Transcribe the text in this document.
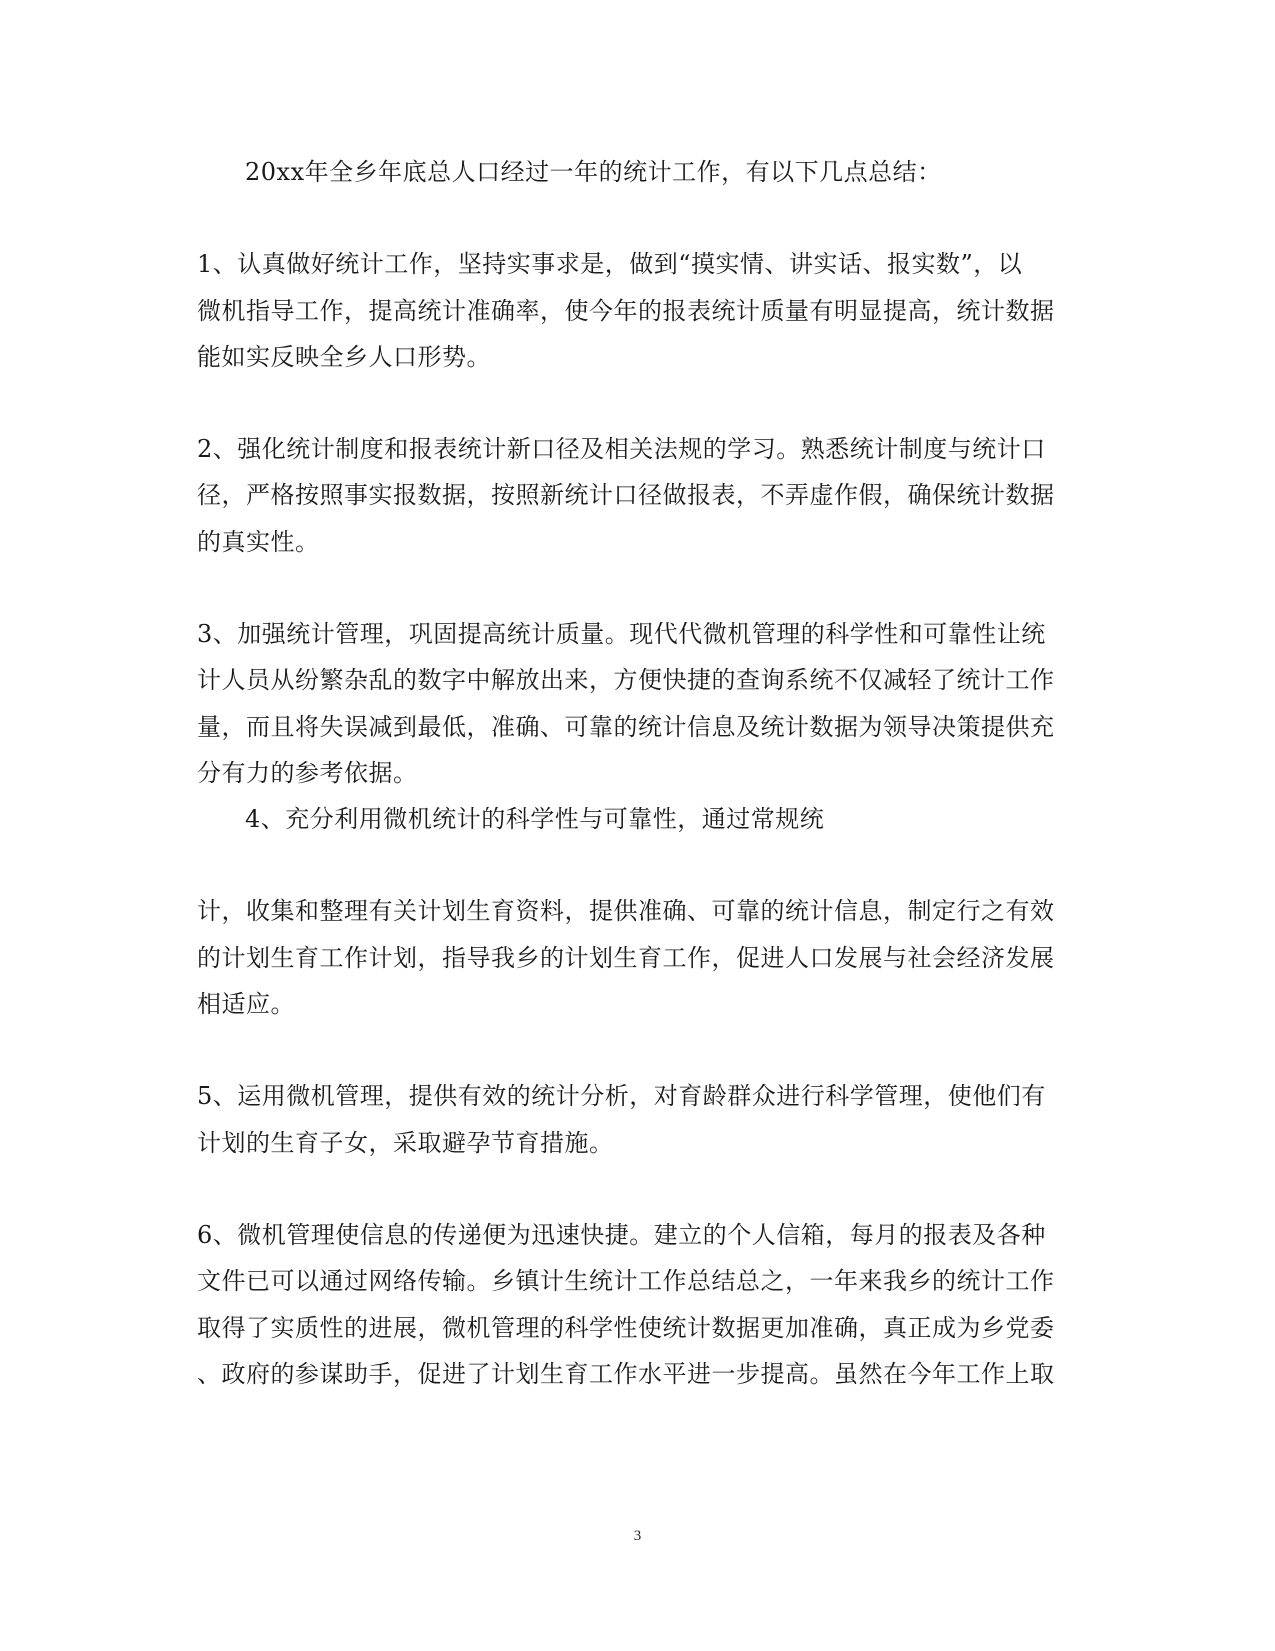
20xx年全乡年底总人口经过一年的统计工作，有以下几点总结：
1、认真做好统计工作，坚持实事求是，做到“摸实情、讲实话、报实数”，以
微机指导工作，提高统计准确率，使今年的报表统计质量有明显提高，统计数据
能如实反映全乡人口形势。
2、强化统计制度和报表统计新口径及相关法规的学习。熟悉统计制度与统计口
径，严格按照事实报数据，按照新统计口径做报表，不弄虚作假，确保统计数据
的真实性。
3、加强统计管理，巩固提高统计质量。现代代微机管理的科学性和可靠性让统
计人员从纷繁杂乱的数字中解放出来，方便快捷的查询系统不仅减轻了统计工作
量，而且将失误减到最低，准确、可靠的统计信息及统计数据为领导决策提供充
分有力的参考依据。
4、充分利用微机统计的科学性与可靠性，通过常规统
计，收集和整理有关计划生育资料，提供准确、可靠的统计信息，制定行之有效
的计划生育工作计划，指导我乡的计划生育工作，促进人口发展与社会经济发展
相适应。
5、运用微机管理，提供有效的统计分析，对育龄群众进行科学管理，使他们有
计划的生育子女，采取避孕节育措施。
6、微机管理使信息的传递便为迅速快捷。建立的个人信箱，每月的报表及各种
文件已可以通过网络传输。乡镇计生统计工作总结总之，一年来我乡的统计工作
取得了实质性的进展，微机管理的科学性使统计数据更加准确，真正成为乡党委
、政府的参谋助手，促进了计划生育工作水平进一步提高。虽然在今年工作上取
3
